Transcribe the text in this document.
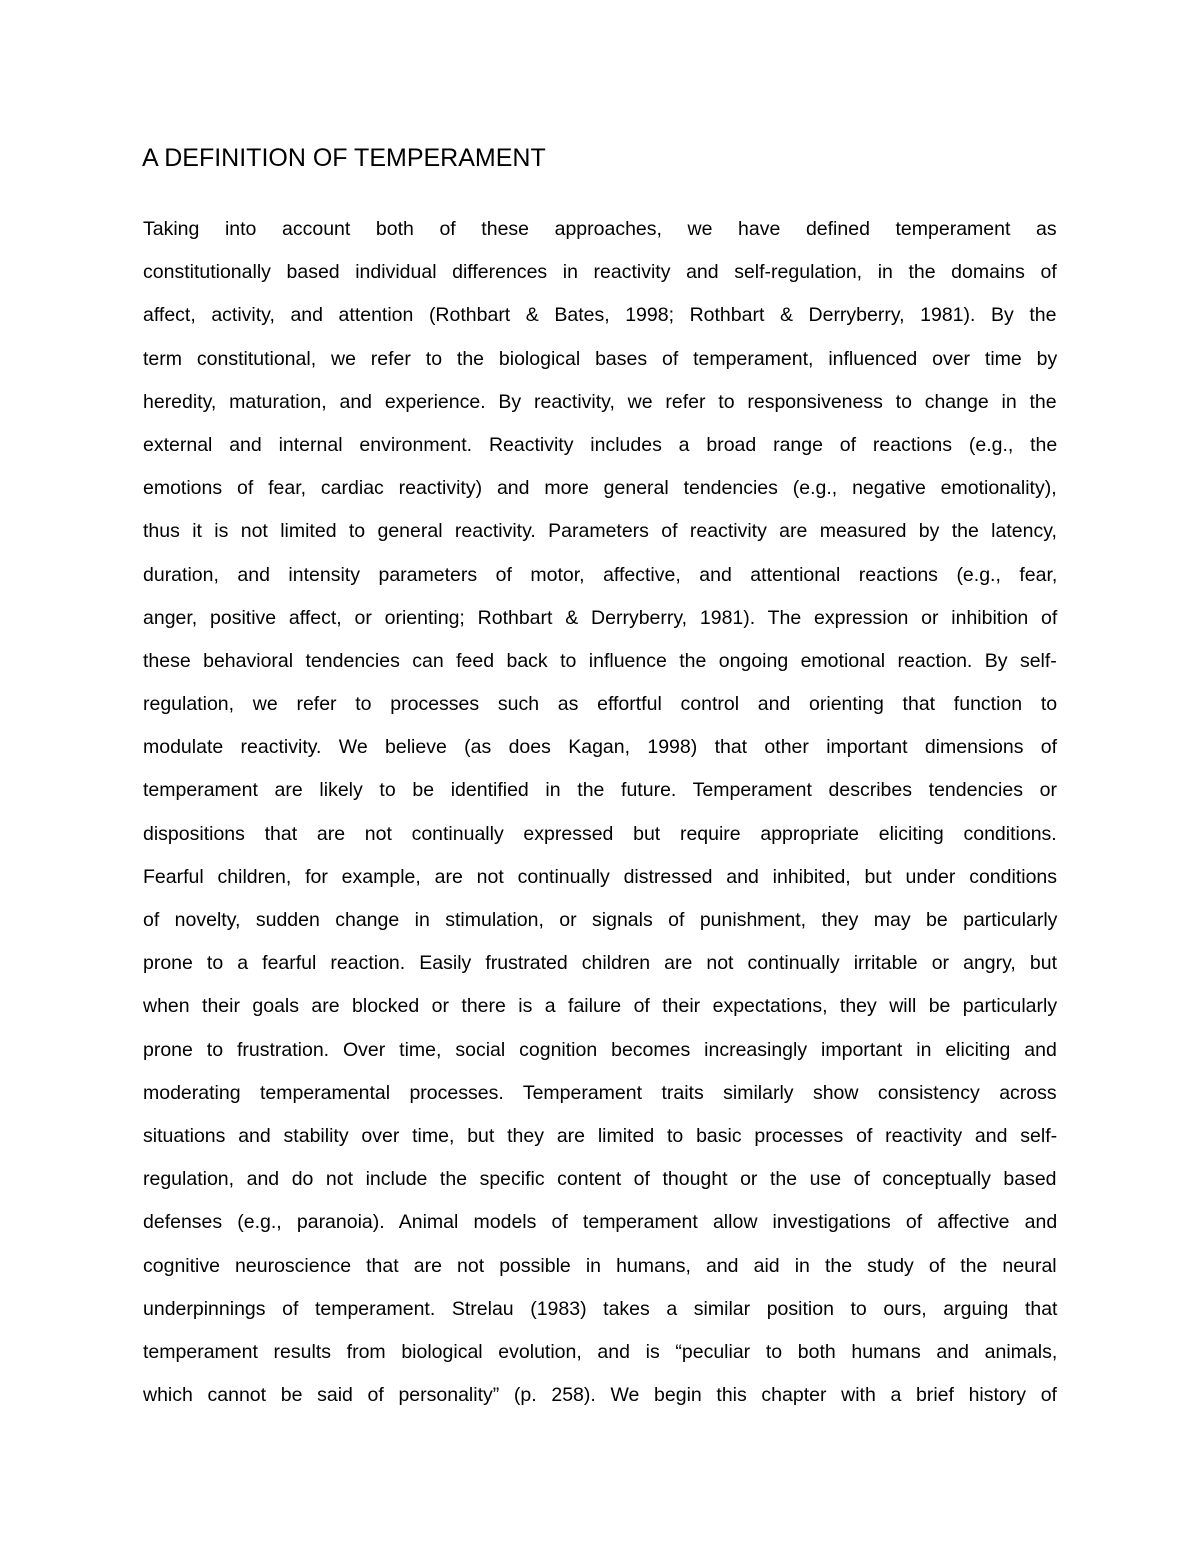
A DEFINITION OF TEMPERAMENT
Taking into account both of these approaches, we have defined temperament as
constitutionally based individual differences in reactivity and self-regulation, in the domains of
affect, activity, and attention (Rothbart & Bates, 1998; Rothbart & Derryberry, 1981). By the
term constitutional, we refer to the biological bases of temperament, influenced over time by
heredity, maturation, and experience. By reactivity, we refer to responsiveness to change in the
external and internal environment. Reactivity includes a broad range of reactions (e.g., the
emotions of fear, cardiac reactivity) and more general tendencies (e.g., negative emotionality),
thus it is not limited to general reactivity. Parameters of reactivity are measured by the latency,
duration, and intensity parameters of motor, affective, and attentional reactions (e.g., fear,
anger, positive affect, or orienting; Rothbart & Derryberry, 1981). The expression or inhibition of
these behavioral tendencies can feed back to influence the ongoing emotional reaction. By self-
regulation, we refer to processes such as effortful control and orienting that function to
modulate reactivity. We believe (as does Kagan, 1998) that other important dimensions of
temperament are likely to be identified in the future. Temperament describes tendencies or
dispositions that are not continually expressed but require appropriate eliciting conditions.
Fearful children, for example, are not continually distressed and inhibited, but under conditions
of novelty, sudden change in stimulation, or signals of punishment, they may be particularly
prone to a fearful reaction. Easily frustrated children are not continually irritable or angry, but
when their goals are blocked or there is a failure of their expectations, they will be particularly
prone to frustration. Over time, social cognition becomes increasingly important in eliciting and
moderating temperamental processes. Temperament traits similarly show consistency across
situations and stability over time, but they are limited to basic processes of reactivity and self-
regulation, and do not include the specific content of thought or the use of conceptually based
defenses (e.g., paranoia). Animal models of temperament allow investigations of affective and
cognitive neuroscience that are not possible in humans, and aid in the study of the neural
underpinnings of temperament. Strelau (1983) takes a similar position to ours, arguing that
temperament results from biological evolution, and is “peculiar to both humans and animals,
which cannot be said of personality” (p. 258). We begin this chapter with a brief history of
